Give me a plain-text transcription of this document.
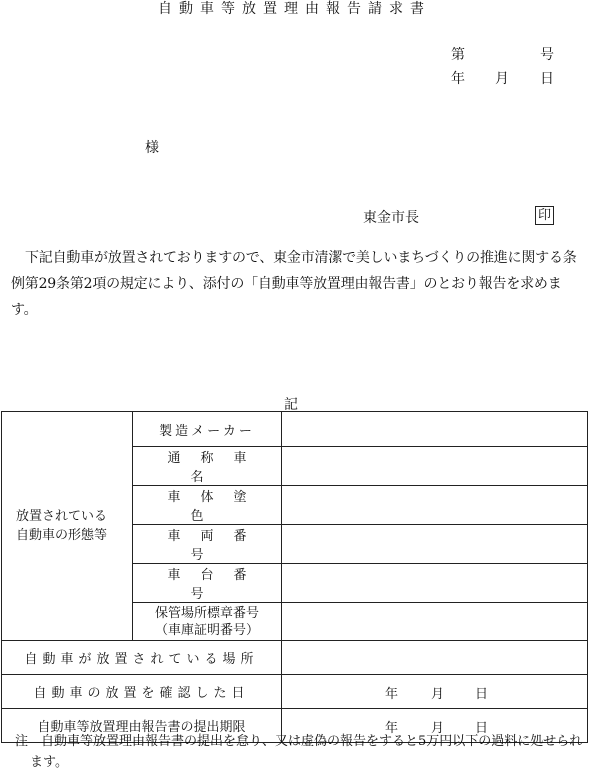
自動車等放置理由報告請求書
第	号
年 月 日
様
東金市長	印
下記自動車が放置されておりますので、東金市清潔で美しいまちづくりの推進に関する条例第29条第2項の規定により、添付の「自動車等放置理由報告書」のとおり報告を求めます。
記
放置されている
自動車の形態等	製造メーカー	
	通称車名	
	車体塗色	
	車両番号	
	車台番号	

	保管場所標章番号
（車庫証明番号）	

自動車が放置されている場所		
自動車の放置を確認した日		年 月 日

自動車等放置理由報告書の提出期限		年 月 日
注　自動車等放置理由報告書の提出を怠り、又は虚偽の報告をすると5万円以下の過料に処せられます。
